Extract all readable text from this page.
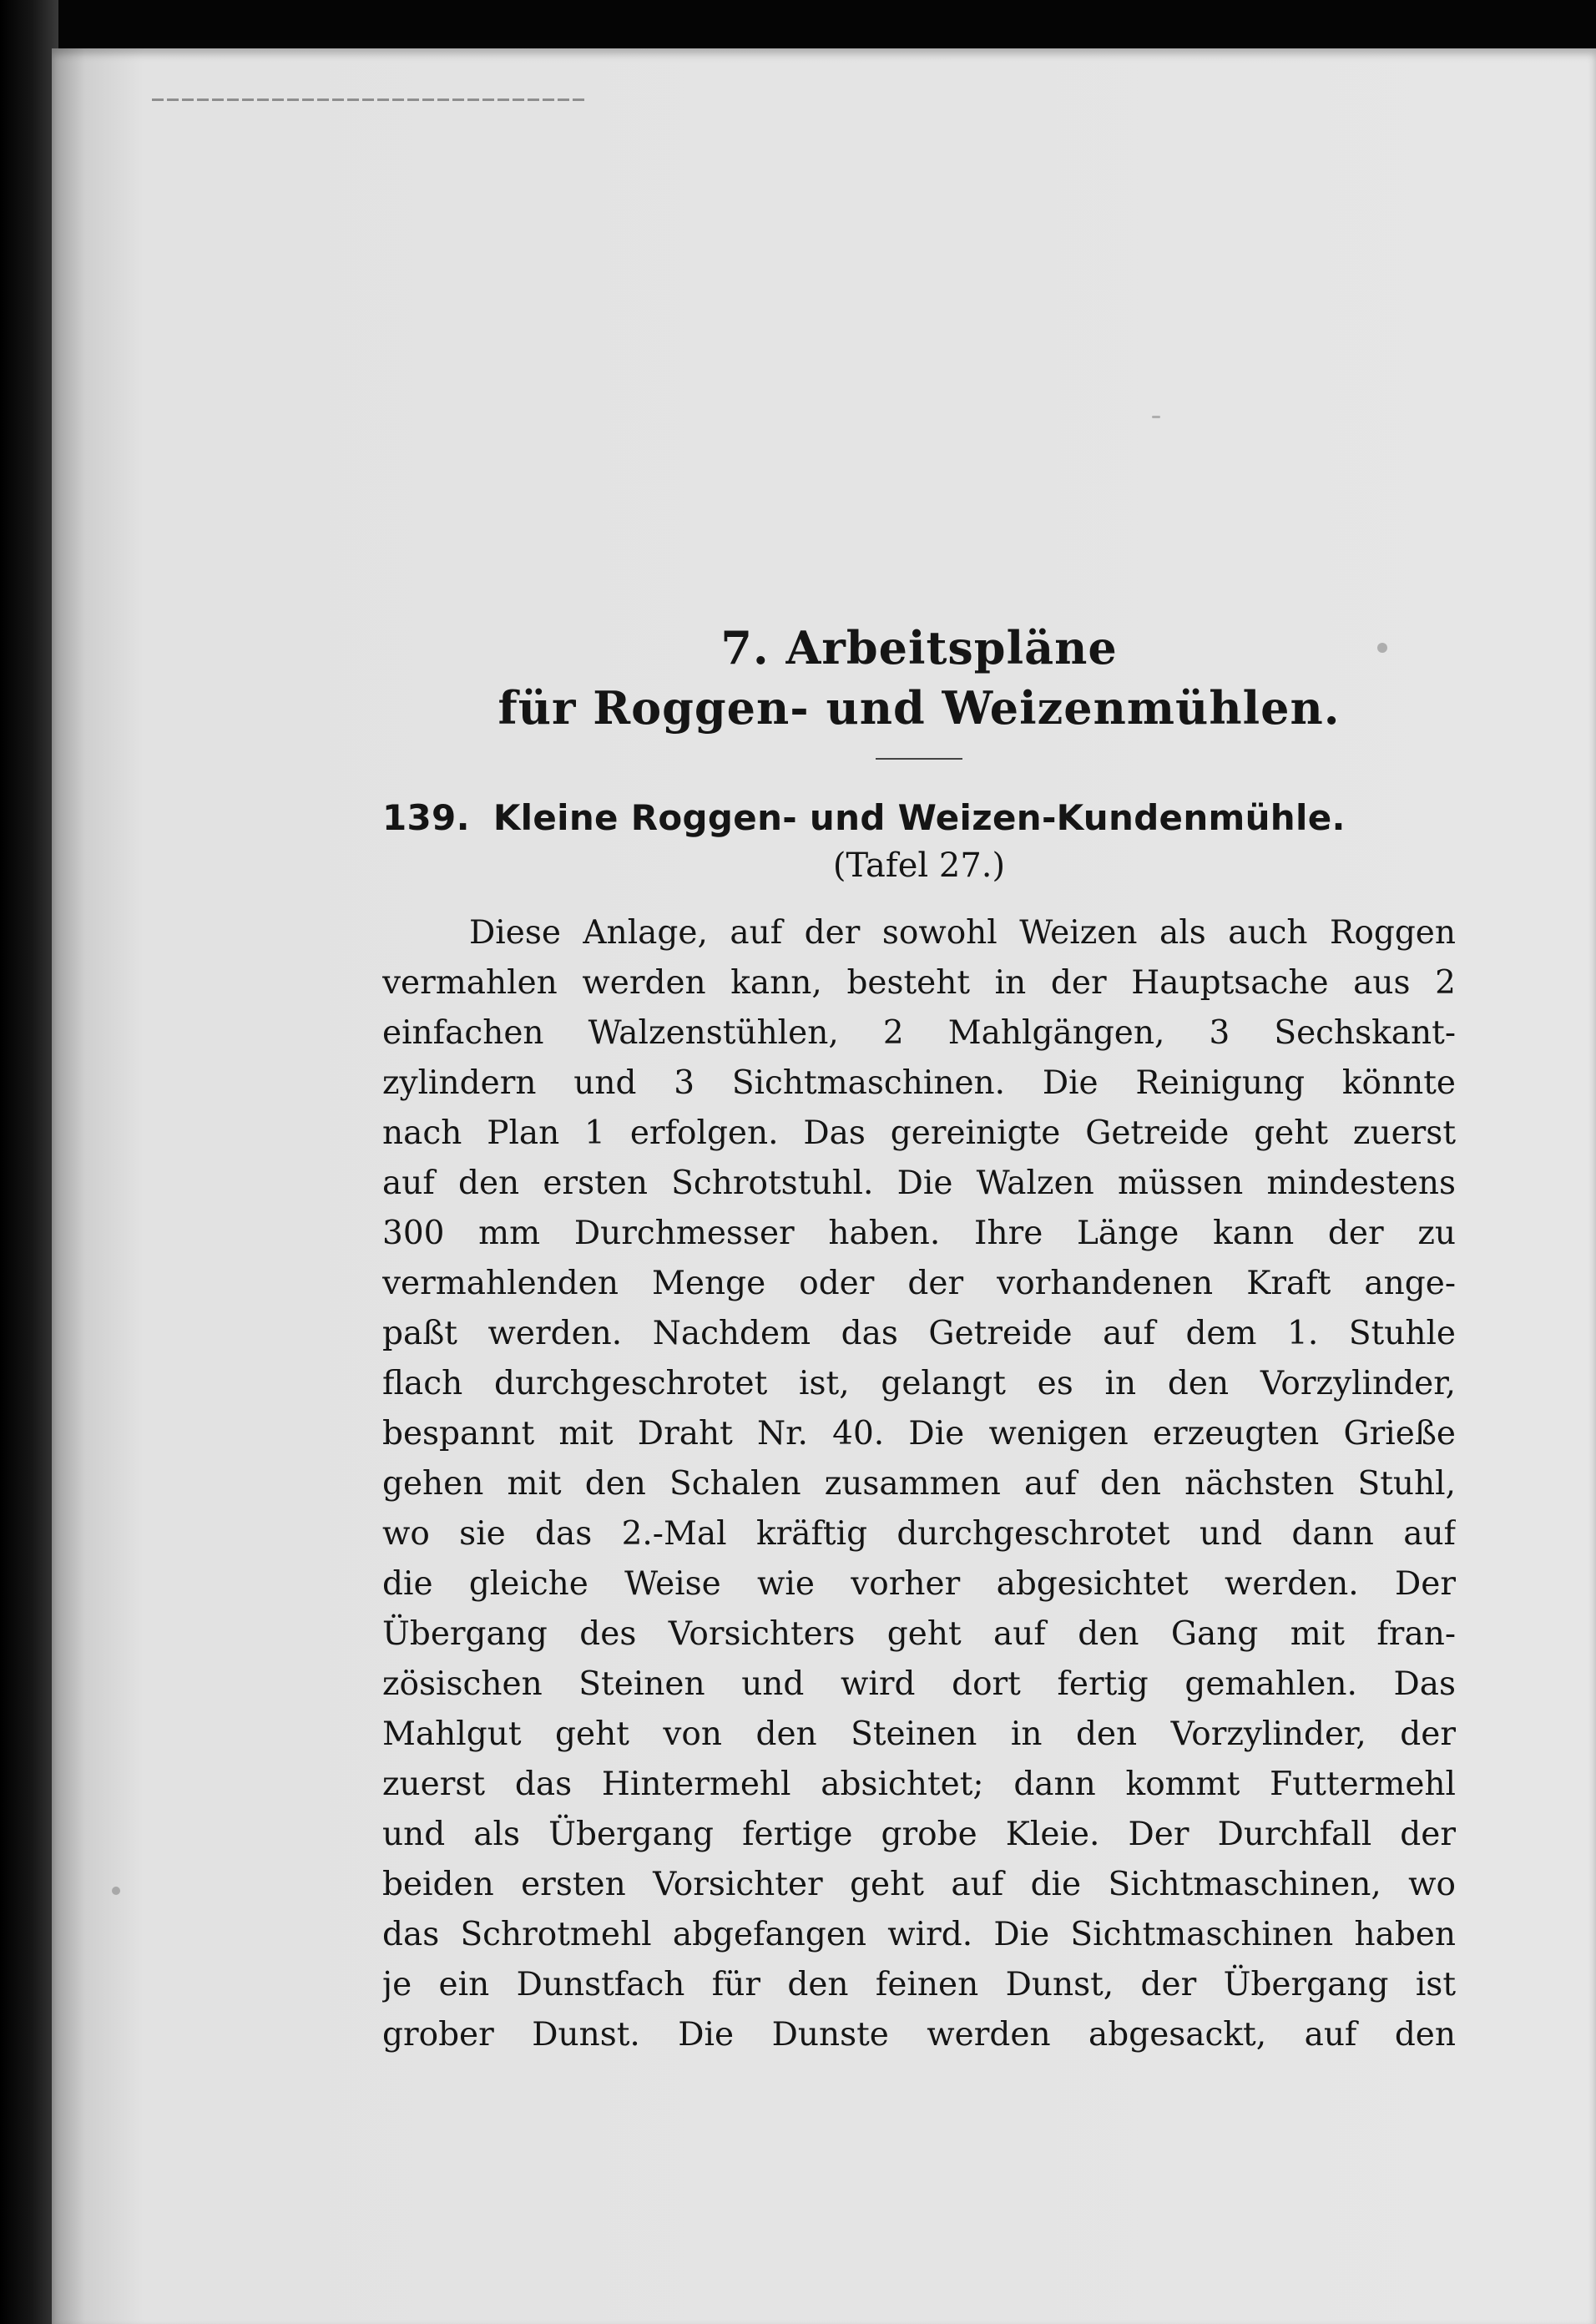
7. Arbeitspläne
für Roggen- und Weizenmühlen.
139. Kleine Roggen- und Weizen-Kundenmühle.

(Tafel 27.)

Diese Anlage, auf der sowohl Weizen als auch Roggen
vermahlen werden kann, besteht in der Hauptsache aus 2
einfachen Walzenstühlen, 2 Mahlgängen, 3 Sechskant-
zylindern und 3 Sichtmaschinen. Die Reinigung könnte
nach Plan 1 erfolgen. Das gereinigte Getreide geht zuerst
auf den ersten Schrotstuhl. Die Walzen müssen mindestens
300 mm Durchmesser haben. Ihre Länge kann der zu
vermahlenden Menge oder der vorhandenen Kraft ange-
paßt werden. Nachdem das Getreide auf dem 1. Stuhle
flach durchgeschrotet ist, gelangt es in den Vorzylinder,
bespannt mit Draht Nr. 40. Die wenigen erzeugten Grieße
gehen mit den Schalen zusammen auf den nächsten Stuhl,
wo sie das 2.-Mal kräftig durchgeschrotet und dann auf
die gleiche Weise wie vorher abgesichtet werden. Der
Übergang des Vorsichters geht auf den Gang mit fran-
zösischen Steinen und wird dort fertig gemahlen. Das
Mahlgut geht von den Steinen in den Vorzylinder, der
zuerst das Hintermehl absichtet; dann kommt Futtermehl
und als Übergang fertige grobe Kleie. Der Durchfall der
beiden ersten Vorsichter geht auf die Sichtmaschinen, wo
das Schrotmehl abgefangen wird. Die Sichtmaschinen haben
je ein Dunstfach für den feinen Dunst, der Übergang ist
grober Dunst. Die Dunste werden abgesackt, auf den
